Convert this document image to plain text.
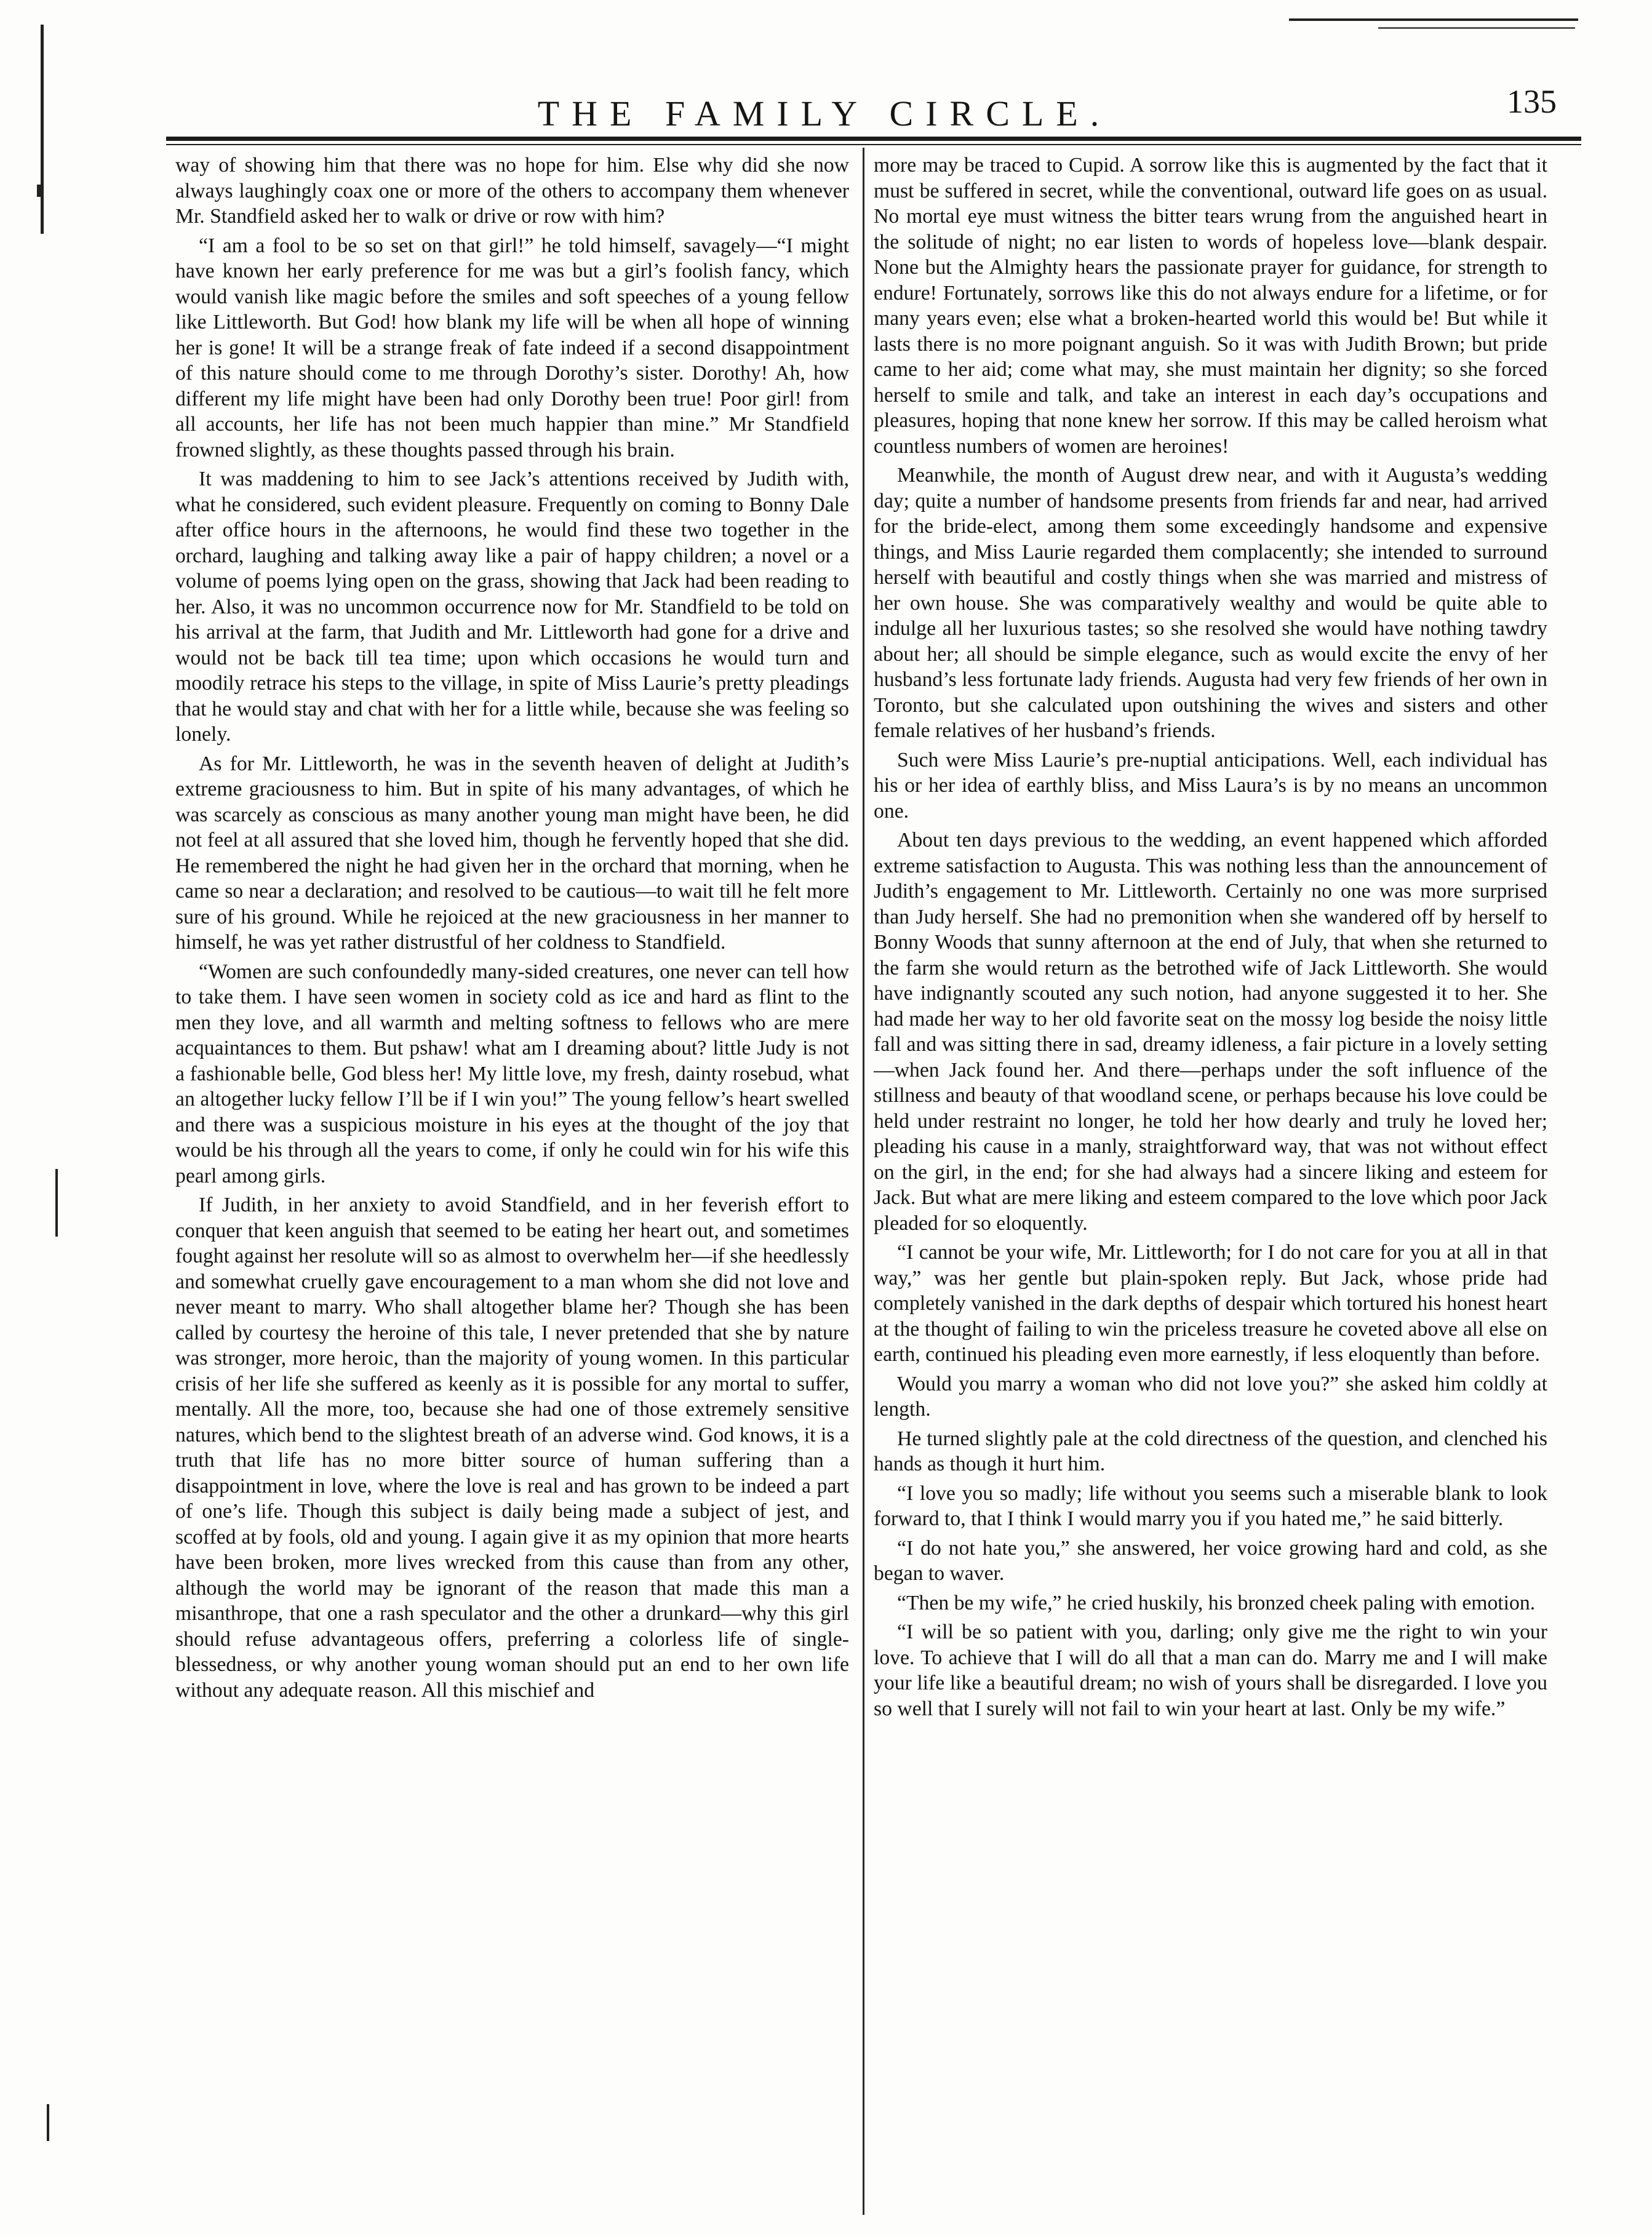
THE FAMILY CIRCLE.	135

way of showing him that there was no hope for him. Else why did she now always laughingly coax one or more of the others to accompany them whenever Mr. Standfield asked her to walk or drive or row with him?

“I am a fool to be so set on that girl!” he told himself, savagely—“I might have known her early preference for me was but a girl’s foolish fancy, which would vanish like magic before the smiles and soft speeches of a young fellow like Littleworth. But God! how blank my life will be when all hope of winning her is gone! It will be a strange freak of fate indeed if a second disappointment of this nature should come to me through Dorothy’s sister. Dorothy! Ah, how different my life might have been had only Dorothy been true! Poor girl! from all accounts, her life has not been much happier than mine.” Mr Standfield frowned slightly, as these thoughts passed through his brain.

It was maddening to him to see Jack’s attentions received by Judith with, what he considered, such evident pleasure. Frequently on coming to Bonny Dale after office hours in the afternoons, he would find these two together in the orchard, laughing and talking away like a pair of happy children; a novel or a volume of poems lying open on the grass, showing that Jack had been reading to her. Also, it was no uncommon occurrence now for Mr. Standfield to be told on his arrival at the farm, that Judith and Mr. Littleworth had gone for a drive and would not be back till tea time; upon which occasions he would turn and moodily retrace his steps to the village, in spite of Miss Laurie’s pretty pleadings that he would stay and chat with her for a little while, because she was feeling so lonely.

As for Mr. Littleworth, he was in the seventh heaven of delight at Judith’s extreme graciousness to him. But in spite of his many advantages, of which he was scarcely as conscious as many another young man might have been, he did not feel at all assured that she loved him, though he fervently hoped that she did. He remembered the night he had given her in the orchard that morning, when he came so near a declaration; and resolved to be cautious—to wait till he felt more sure of his ground. While he rejoiced at the new graciousness in her manner to himself, he was yet rather distrustful of her coldness to Standfield.

“Women are such confoundedly many-sided creatures, one never can tell how to take them. I have seen women in society cold as ice and hard as flint to the men they love, and all warmth and melting softness to fellows who are mere acquaintances to them. But pshaw! what am I dreaming about? little Judy is not a fashionable belle, God bless her! My little love, my fresh, dainty rosebud, what an altogether lucky fellow I’ll be if I win you!” The young fellow’s heart swelled and there was a suspicious moisture in his eyes at the thought of the joy that would be his through all the years to come, if only he could win for his wife this pearl among girls.

If Judith, in her anxiety to avoid Standfield, and in her feverish effort to conquer that keen anguish that seemed to be eating her heart out, and sometimes fought against her resolute will so as almost to overwhelm her—if she heedlessly and somewhat cruelly gave encouragement to a man whom she did not love and never meant to marry. Who shall altogether blame her? Though she has been called by courtesy the heroine of this tale, I never pretended that she by nature was stronger, more heroic, than the majority of young women. In this particular crisis of her life she suffered as keenly as it is possible for any mortal to suffer, mentally. All the more, too, because she had one of those extremely sensitive natures, which bend to the slightest breath of an adverse wind. God knows, it is a truth that life has no more bitter source of human suffering than a disappointment in love, where the love is real and has grown to be indeed a part of one’s life. Though this subject is daily being made a subject of jest, and scoffed at by fools, old and young. I again give it as my opinion that more hearts have been broken, more lives wrecked from this cause than from any other, although the world may be ignorant of the reason that made this man a misanthrope, that one a rash speculator and the other a drunkard—why this girl should refuse advantageous offers, preferring a colorless life of single-blessedness, or why another young woman should put an end to her own life without any adequate reason. All this mischief and

more may be traced to Cupid. A sorrow like this is augmented by the fact that it must be suffered in secret, while the conventional, outward life goes on as usual. No mortal eye must witness the bitter tears wrung from the anguished heart in the solitude of night; no ear listen to words of hopeless love—blank despair. None but the Almighty hears the passionate prayer for guidance, for strength to endure! Fortunately, sorrows like this do not always endure for a lifetime, or for many years even; else what a broken-hearted world this would be! But while it lasts there is no more poignant anguish. So it was with Judith Brown; but pride came to her aid; come what may, she must maintain her dignity; so she forced herself to smile and talk, and take an interest in each day’s occupations and pleasures, hoping that none knew her sorrow. If this may be called heroism what countless numbers of women are heroines!

Meanwhile, the month of August drew near, and with it Augusta’s wedding day; quite a number of handsome presents from friends far and near, had arrived for the bride-elect, among them some exceedingly handsome and expensive things, and Miss Laurie regarded them complacently; she intended to surround herself with beautiful and costly things when she was married and mistress of her own house. She was comparatively wealthy and would be quite able to indulge all her luxurious tastes; so she resolved she would have nothing tawdry about her; all should be simple elegance, such as would excite the envy of her husband’s less fortunate lady friends. Augusta had very few friends of her own in Toronto, but she calculated upon outshining the wives and sisters and other female relatives of her husband’s friends.

Such were Miss Laurie’s pre-nuptial anticipations. Well, each individual has his or her idea of earthly bliss, and Miss Laura’s is by no means an uncommon one.

About ten days previous to the wedding, an event happened which afforded extreme satisfaction to Augusta. This was nothing less than the announcement of Judith’s engagement to Mr. Littleworth. Certainly no one was more surprised than Judy herself. She had no premonition when she wandered off by herself to Bonny Woods that sunny afternoon at the end of July, that when she returned to the farm she would return as the betrothed wife of Jack Littleworth. She would have indignantly scouted any such notion, had anyone suggested it to her. She had made her way to her old favorite seat on the mossy log beside the noisy little fall and was sitting there in sad, dreamy idleness, a fair picture in a lovely setting—when Jack found her. And there—perhaps under the soft influence of the stillness and beauty of that woodland scene, or perhaps because his love could be held under restraint no longer, he told her how dearly and truly he loved her; pleading his cause in a manly, straightforward way, that was not without effect on the girl, in the end; for she had always had a sincere liking and esteem for Jack. But what are mere liking and esteem compared to the love which poor Jack pleaded for so eloquently.

“I cannot be your wife, Mr. Littleworth; for I do not care for you at all in that way,” was her gentle but plain-spoken reply. But Jack, whose pride had completely vanished in the dark depths of despair which tortured his honest heart at the thought of failing to win the priceless treasure he coveted above all else on earth, continued his pleading even more earnestly, if less eloquently than before.

Would you marry a woman who did not love you?” she asked him coldly at length.

He turned slightly pale at the cold directness of the question, and clenched his hands as though it hurt him.

“I love you so madly; life without you seems such a miserable blank to look forward to, that I think I would marry you if you hated me,” he said bitterly.

“I do not hate you,” she answered, her voice growing hard and cold, as she began to waver.

“Then be my wife,” he cried huskily, his bronzed cheek paling with emotion.

“I will be so patient with you, darling; only give me the right to win your love. To achieve that I will do all that a man can do. Marry me and I will make your life like a beautiful dream; no wish of yours shall be disregarded. I love you so well that I surely will not fail to win your heart at last. Only be my wife.”
